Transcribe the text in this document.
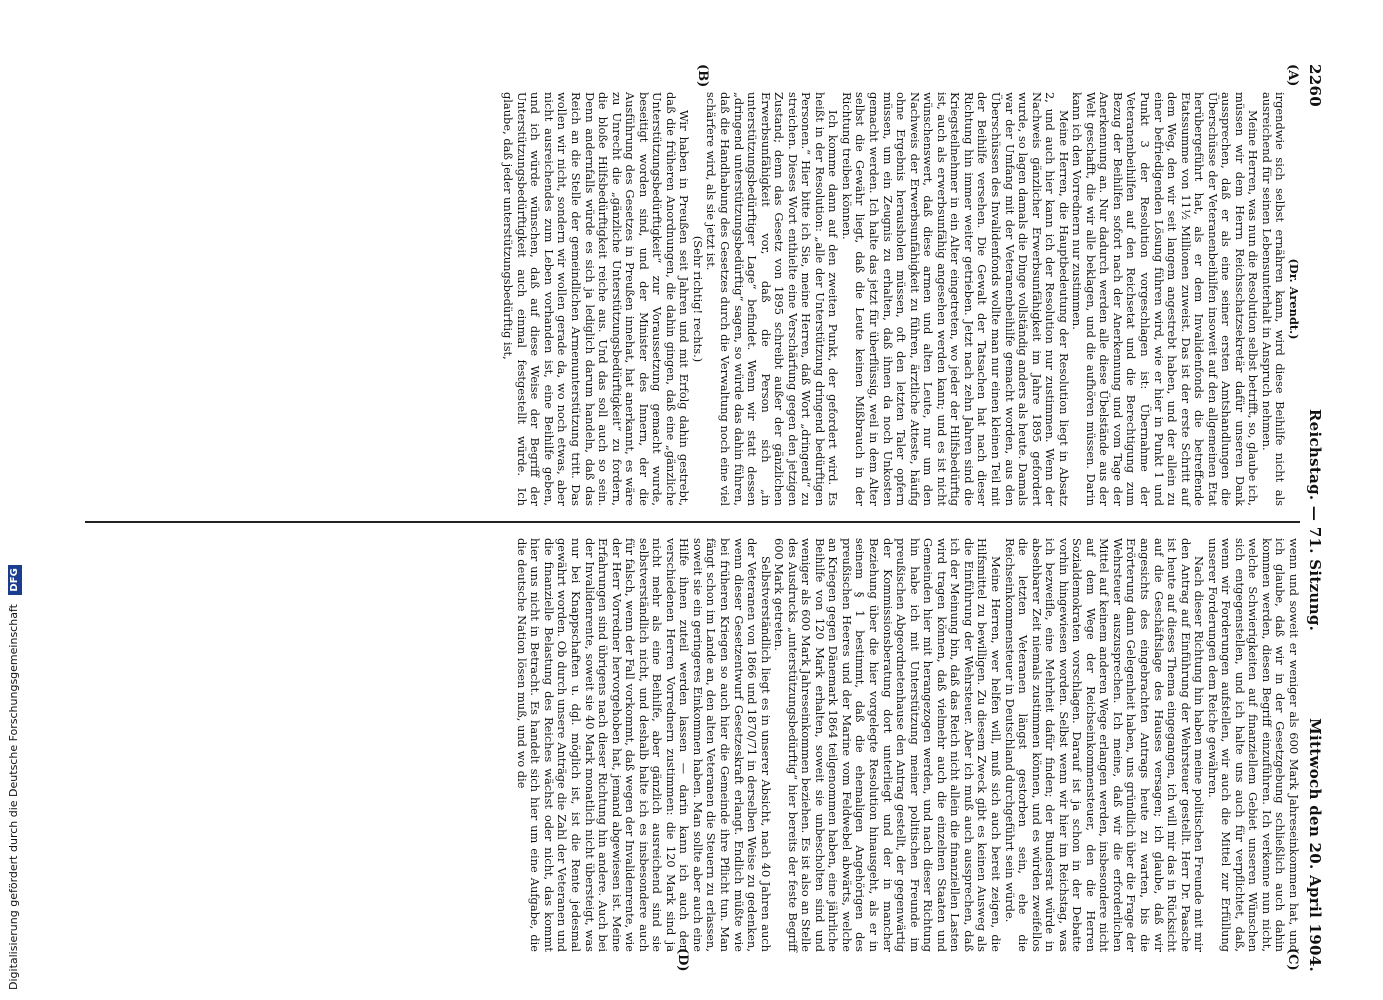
2260
Reichstag. — 71. Sitzung.
Mittwoch den 20. April 1904.
(A)
(B)
(C)
(D)

(Dr. Arendt.)

irgendwie sich selbst ernähren kann, wird diese Beihilfe nicht als ausreichend für seinen Lebensunterhalt in Anspruch nehmen.

Meine Herren, was nun die Resolution selbst betrifft, so, glaube ich, müssen wir dem Herrn Reichsschatzsekretär dafür unseren Dank aussprechen, daß er als eine seiner ersten Amtshandlungen die Überschüsse der Veteranenbeihilfen insoweit auf den allgemeinen Etat herübergeführt hat, als er dem Invalidenfonds die betreffende Etatssumme von 11½ Millionen zuweist. Das ist der erste Schritt auf dem Weg, den wir seit langem angestrebt haben, und der allein zu einer befriedigenden Lösung führen wird, wie er hier in Punkt 1 und Punkt 3 der Resolution vorgeschlagen ist: Übernahme der Veteranenbeihilfen auf den Reichsetat und die Berechtigung zum Bezug der Beihilfen sofort nach der Anerkennung und vom Tage der Anerkennung an. Nur dadurch werden alle diese Übelstände aus der Welt geschafft, die wir alle beklagen, und die aufhören müssen. Darin kann ich den Vorrednern nur zustimmen.

Meine Herren, die Hauptbedeutung der Resolution liegt in Absatz 2, und auch hier kann ich der Resolution nur zustimmen. Wenn der Nachweis gänzlicher Erwerbsunfähigkeit im Jahre 1895 gefordert wurde, so lagen damals die Dinge vollständig anders als heute. Damals war der Umfang mit der Veteranenbeihilfe gemacht worden, aus den Überschüssen des Invalidenfonds wollte man nur einen kleinen Teil mit der Beihilfe versehen. Die Gewalt der Tatsachen hat nach dieser Richtung hin immer weiter getrieben. Jetzt nach zehn Jahren sind die Kriegsteilnehmer in ein Alter eingetreten, wo jeder der Hilfsbedürftig ist, auch als erwerbsunfähig angesehen werden kann; und es ist nicht wünschenswert, daß diese armen und alten Leute, nur um den Nachweis der Erwerbsunfähigkeit zu führen, ärztliche Atteste, häufig ohne Ergebnis herausholen müssen, oft den letzten Taler opfern müssen, um ein Zeugnis zu erhalten, daß ihnen da noch Unkosten gemacht werden. Ich halte das jetzt für überflüssig, weil in dem Alter selbst die Gewähr liegt, daß die Leute keinen Mißbrauch in der Richtung treiben können.

Ich komme dann auf den zweiten Punkt, der gefordert wird. Es heißt in der Resolution: „alle der Unterstützung dringend bedürftigen Personen.“ Hier bitte ich Sie, meine Herren, daß Wort „dringend“ zu streichen. Dieses Wort enthielte eine Verschärfung gegen den jetzigen Zustand; denn das Gesetz von 1895 schreibt außer der gänzlichen Erwerbsunfähigkeit vor, daß die Person sich „in unterstützungsbedürftiger Lage“ befindet. Wenn wir statt dessen „dringend unterstützungsbedürftig“ sagen, so würde das dahin führen, daß die Handhabung des Gesetzes durch die Verwaltung noch eine viel schärfere wird, als sie jetzt ist.

(Sehr richtig! rechts.)

Wir haben in Preußen seit Jahren und mit Erfolg dahin gestrebt, daß die früheren Anordnungen, die dahin gingen, daß eine „gänzliche Unterstützungsbedürftigkeit“ zur Voraussetzung gemacht wurde, beseitigt worden sind, und der Minister des Innern, der die Ausführung des Gesetzes in Preußen innehat, hat anerkannt, es wäre zu Unrecht die „gänzliche Unterstützungsbedürftigkeit“ zu fordern, die bloße Hilfsbedürftigkeit reiche aus. Und das soll auch so sein. Denn andernfalls würde es sich ja lediglich darum handeln, daß das Reich an die Stelle der gemeindlichen Armenunterstützung tritt. Das wollen wir nicht, sondern wir wollen gerade da, wo noch etwas, aber nicht ausreichendes zum Leben vorhanden ist, eine Beihilfe geben, und ich würde wünschen, daß auf diese Weise der Begriff der Unterstützungsbedürftigkeit auch einmal festgestellt würde. Ich glaube, daß jeder unterstützungsbedürftig ist,

wenn und soweit er weniger als 600 Mark Jahreseinkommen hat, und ich glaube, daß wir in der Gesetzgebung schließlich auch dahin kommen werden, diesen Begriff einzuführen. Ich verkenne nun nicht, welche Schwierigkeiten auf finanziellem Gebiet unseren Wünschen sich entgegenstellen, und ich halte uns auch für verpflichtet, daß, wenn wir Forderungen aufstellen, wir auch die Mittel zur Erfüllung unserer Forderungen dem Reiche gewähren.

Nach dieser Richtung hin haben meine politischen Freunde mit mir den Antrag auf Einführung der Wehrsteuer gestellt. Herr Dr. Paasche ist heute auf dieses Thema eingegangen, ich will mir das in Rücksicht auf die Geschäftslage des Hauses versagen; ich glaube, daß wir angesichts des eingebrachten Antrags heute zu warten, bis die Erörterung dann Gelegenheit haben, uns gründlich über die Frage der Wehrsteuer auszusprechen. Ich meine, daß wir die erforderlichen Mittel auf keinem anderen Wege erlangen werden, insbesondere nicht auf dem Wege der Reichseinkommensteuer, den die Herren Sozialdemokraten vorschlagen. Darauf ist ja schon in der Debatte vorhin hingewiesen worden. Selbst wenn wir hier im Reichstag, was ich bezweifle, eine Mehrheit dafür finden; der Bundesrat würde in absehbarer Zeit niemals zustimmen können, und es würden zweifellos die letzten Veteranen längst gestorben sein, ehe die Reichseinkommensteuer in Deutschland durchgeführt sein würde.

Meine Herren, wer helfen will, muß sich auch bereit zeigen, die Hilfsmittel zu bewilligen. Zu diesem Zweck gibt es keinen Ausweg als die Einführung der Wehrsteuer. Aber ich muß auch aussprechen, daß ich der Meinung bin, daß das Reich nicht allein die finanziellen Lasten wird tragen können, daß vielmehr auch die einzelnen Staaten und Gemeinden hier mit herangezogen werden, und nach dieser Richtung hin habe ich mit Unterstützung meiner politischen Freunde im preußischen Abgeordnetenhause den Antrag gestellt, der gegenwärtig der Kommissionsberatung dort unterliegt und der in mancher Beziehung über die hier vorgelegte Resolution hinausgeht, als er in seinem § 1 bestimmt, daß die ehemaligen Angehörigen des preußischen Heeres und der Marine vom Feldwebel abwärts, welche an Kriegen gegen Dänemark 1864 teilgenommen haben, eine jährliche Beihilfe von 120 Mark erhalten, soweit sie unbescholten sind und weniger als 600 Mark Jahreseinkommen beziehen. Es ist also an Stelle des Ausdrucks „unterstützungsbedürftig“ hier bereits der feste Begriff 600 Mark getreten.

Selbstverständlich liegt es in unserer Absicht, nach 40 Jahren auch der Veteranen von 1866 und 1870/71 in derselben Weise zu gedenken, wenn dieser Gesetzentwurf Gesetzeskraft erlangt. Endlich müßte wie bei früheren Kriegen so auch hier die Gemeinde ihre Pflicht tun. Man fängt schon im Lande an, den alten Veteranen die Steuern zu erlassen, soweit sie ein geringeres Einkommen haben. Man sollte aber auch eine Hilfe ihnen zuteil werden lassen — darin kann ich auch den verschiedenen Herren Vorrednern zustimmen: die 120 Mark sind ja nicht mehr als eine Beihilfe, aber gänzlich ausreichend sind sie selbstverständlich nicht, und deshalb halte ich es insbesondere auch für falsch, wenn der Fall vorkommt, daß wegen der Invalidenrente, wie der Herr Vorredner hervorgehoben hat, jemand abgewiesen ist. Meine Erfahrungen sind übrigens nach dieser Richtung hin andere. Auch bei der Invalidenrente, soweit sie 40 Mark monatlich nicht übersteigt, was nur bei Knappschaften u. dgl. möglich ist, ist die Rente jedesmal gewährt worden. Ob durch unsere Anträge die Zahl der Veteranen und die finanzielle Belastung des Reiches wächst oder nicht, das kommt hier uns nicht in Betracht. Es handelt sich hier um eine Aufgabe, die die deutsche Nation lösen muß, und wo die

Digitalisierung gefördert durch die Deutsche Forschungsgemeinschaft DFG
